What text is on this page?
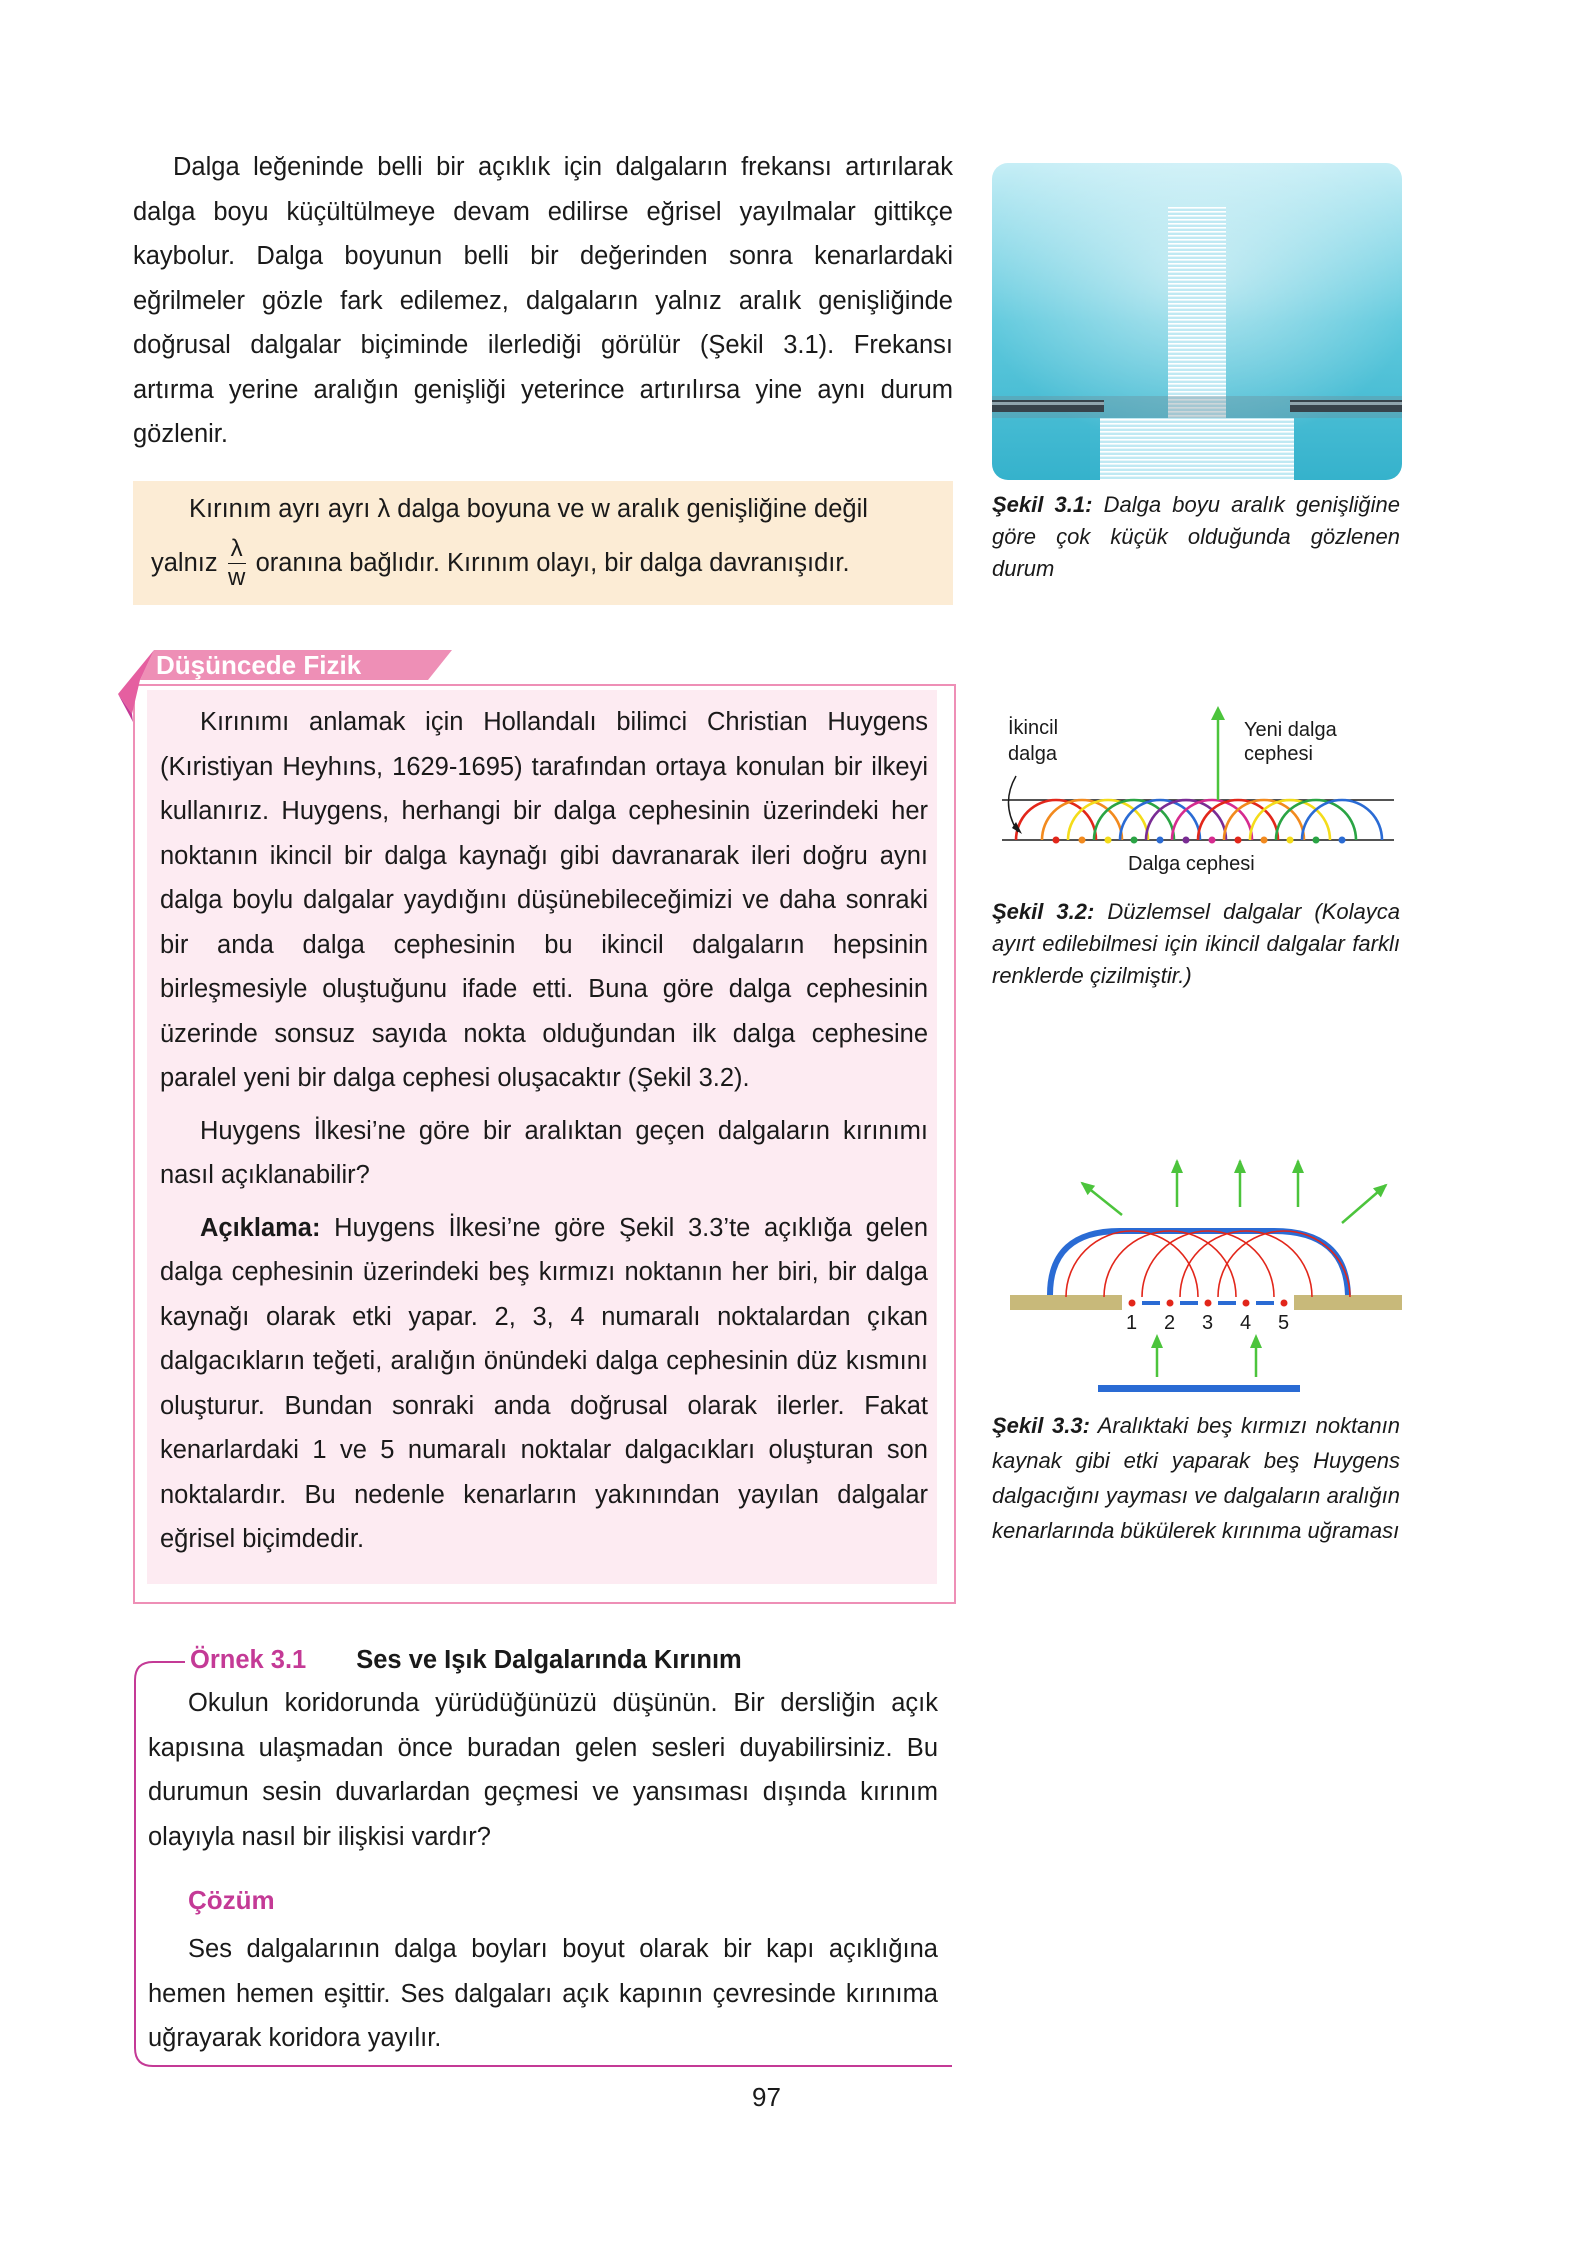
Dalga leğeninde belli bir açıklık için dalgaların frekansı artırılarak dalga boyu küçültülmeye devam edilirse eğrisel yayılmalar gittikçe kaybolur. Dalga boyunun belli bir değerinden sonra kenarlardaki eğrilmeler gözle fark edilemez, dalgaların yalnız aralık genişliğinde doğrusal dalgalar biçiminde ilerlediği görülür (Şekil 3.1). Frekansı artırma yerine aralığın genişliği yeterince artırılırsa yine aynı durum gözlenir.

Kırınım ayrı ayrı λ dalga boyuna ve w aralık genişliğine değil
yalnız $\frac{\lambda}{w}$ oranına bağlıdır. Kırınım olayı, bir dalga davranışıdır.
Düşüncede Fizik

Kırınımı anlamak için Hollandalı bilimci Christian Huygens (Kıristiyan Heyhıns, 1629-1695) tarafından ortaya konulan bir ilkeyi kullanırız. Huygens, herhangi bir dalga cephesinin üzerindeki her noktanın ikincil bir dalga kaynağı gibi davranarak ileri doğru aynı dalga boylu dalgalar yaydığını düşünebileceğimizi ve daha sonraki bir anda dalga cephesinin bu ikincil dalgaların hepsinin birleşmesiyle oluştuğunu ifade etti. Buna göre dalga cephesinin üzerinde sonsuz sayıda nokta olduğundan ilk dalga cephesine paralel yeni bir dalga cephesi oluşacaktır (Şekil 3.2).

Huygens İlkesi’ne göre bir aralıktan geçen dalgaların kırınımı nasıl açıklanabilir?

Açıklama: Huygens İlkesi’ne göre Şekil 3.3’te açıklığa gelen dalga cephesinin üzerindeki beş kırmızı noktanın her biri, bir dalga kaynağı olarak etki yapar. 2, 3, 4 numaralı noktalardan çıkan dalgacıkların teğeti, aralığın önündeki dalga cephesinin düz kısmını oluşturur. Bundan sonraki anda doğrusal olarak ilerler. Fakat kenarlardaki 1 ve 5 numaralı noktalar dalgacıkları oluşturan son noktalardır. Bu nedenle kenarların yakınından yayılan dalgalar eğrisel biçimdedir.

Örnek 3.1 Ses ve Işık Dalgalarında Kırınım

Okulun koridorunda yürüdüğünüzü düşünün. Bir dersliğin açık kapısına ulaşmadan önce buradan gelen sesleri duyabilirsiniz. Bu durumun sesin duvarlardan geçmesi ve yansıması dışında kırınım olayıyla nasıl bir ilişkisi vardır?

Çözüm

Ses dalgalarının dalga boyları boyut olarak bir kapı açıklığına hemen hemen eşittir. Ses dalgaları açık kapının çevresinde kırınıma uğrayarak koridora yayılır.

97
Şekil 3.1: Dalga boyu aralık genişliğine göre çok küçük olduğunda gözlenen durum
İkincil
dalga
Yeni dalga
cephesi
Dalga cephesi
Şekil 3.2: Düzlemsel dalgalar (Kolayca ayırt edilebilmesi için ikincil dalgalar farklı renklerde çizilmiştir.)
1 2 3 4 5
Şekil 3.3: Aralıktaki beş kırmızı noktanın kaynak gibi etki yaparak beş Huygens dalgacığını yayması ve dalgaların aralığın kenarlarında bükülerek kırınıma uğraması
